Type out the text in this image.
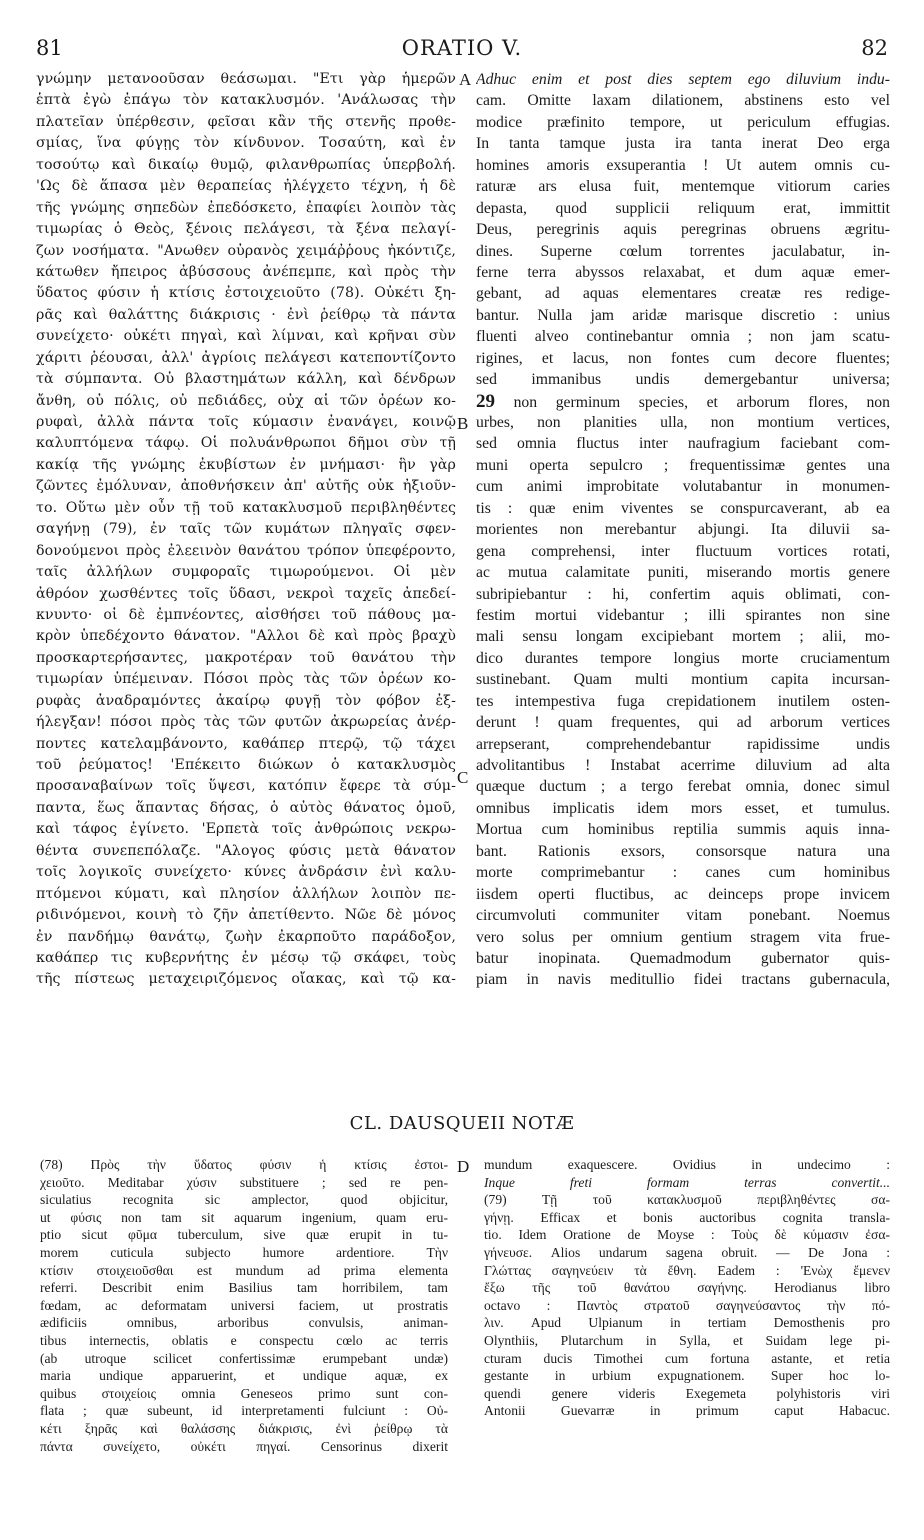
81	ORATIO V.	82
γνώμην μετανοοῦσαν θεάσωμαι. "Ετι γὰρ ἡμερῶν
ἑπτὰ ἐγὼ ἐπάγω τὸν κατακλυσμόν. 'Ανάλωσας τὴν
πλατεῖαν ὑπέρθεσιν, φεῖσαι κἂν τῆς στενῆς προθε-
σμίας, ἵνα φύγῃς τὸν κίνδυνον. Τοσαύτη, καὶ ἐν
τοσούτῳ καὶ δικαίῳ θυμῷ, φιλανθρωπίας ὑπερβολή.
'Ως δὲ ἅπασα μὲν θεραπείας ἠλέγχετο τέχνη, ἡ δὲ
τῆς γνώμης σηπεδὼν ἐπεδόσκετο, ἐπαφίει λοιπὸν τὰς
τιμωρίας ὁ Θεὸς, ξένοις πελάγεσι, τὰ ξένα πελαγί-
ζων νοσήματα. "Ανωθεν οὐρανὸς χειμάῤῥους ἠκόντιζε,
κάτωθεν ἤπειρος ἀβύσσους ἀνέπεμπε, καὶ πρὸς τὴν
ὕδατος φύσιν ἡ κτίσις ἐστοιχειοῦτο (78). Οὐκέτι ξη-
ρᾶς καὶ θαλάττης διάκρισις · ἐνὶ ῥείθρῳ τὰ πάντα
συνείχετο· οὐκέτι πηγαὶ, καὶ λίμναι, καὶ κρῆναι σὺν
χάριτι ῥέουσαι, ἀλλ' ἀγρίοις πελάγεσι κατεποντίζοντο
τὰ σύμπαντα. Οὐ βλαστημάτων κάλλη, καὶ δένδρων
ἄνθη, οὐ πόλις, οὐ πεδιάδες, οὐχ αἱ τῶν ὀρέων κο-
ρυφαὶ, ἀλλὰ πάντα τοῖς κύμασιν ἐνανάγει, κοινῷ
καλυπτόμενα τάφῳ. Οἱ πολυάνθρωποι δῆμοι σὺν τῇ
κακίᾳ τῆς γνώμης ἐκυβίστων ἐν μνήμασι· ἣν γὰρ
ζῶντες ἐμόλυναν, ἀποθνήσκειν ἀπ' αὐτῆς οὐκ ἠξιοῦν-
το. Οὕτω μὲν οὖν τῇ τοῦ κατακλυσμοῦ περιβληθέντες
σαγήνῃ (79), ἐν ταῖς τῶν κυμάτων πληγαῖς σφεν-
δονούμενοι πρὸς ἐλεεινὸν θανάτου τρόπον ὑπεφέροντο,
ταῖς ἀλλήλων συμφοραῖς τιμωρούμενοι. Οἱ μὲν
ἀθρόον χωσθέντες τοῖς ὕδασι, νεκροὶ ταχεῖς ἀπεδεί-
κνυντο· οἱ δὲ ἐμπνέοντες, αἰσθήσει τοῦ πάθους μα-
κρὸν ὑπεδέχοντο θάνατον. "Αλλοι δὲ καὶ πρὸς βραχὺ
προσκαρτερήσαντες, μακροτέραν τοῦ θανάτου τὴν
τιμωρίαν ὑπέμειναν. Πόσοι πρὸς τὰς τῶν ὀρέων κο-
ρυφὰς ἀναδραμόντες ἀκαίρῳ φυγῇ τὸν φόβον ἐξ-
ήλεγξαν! πόσοι πρὸς τὰς τῶν φυτῶν ἀκρωρείας ἀνέρ-
ποντες κατελαμβάνοντο, καθάπερ πτερῷ, τῷ τάχει
τοῦ ῥεύματος! 'Επέκειτο διώκων ὁ κατακλυσμὸς
προσαναβαίνων τοῖς ὕψεσι, κατόπιν ἔφερε τὰ σύμ-
παντα, ἕως ἅπαντας δήσας, ὁ αὐτὸς θάνατος ὁμοῦ,
καὶ τάφος ἐγίνετο. 'Ερπετὰ τοῖς ἀνθρώποις νεκρω-
θέντα συνεπεπόλαζε. "Αλογος φύσις μετὰ θάνατον
τοῖς λογικοῖς συνείχετο· κύνες ἀνδράσιν ἐνὶ καλυ-
πτόμενοι κύματι, καὶ πλησίον ἀλλήλων λοιπὸν πε-
ριδινόμενοι, κοινὴ τὸ ζῆν ἀπετίθεντο. Νῶε δὲ μόνος
ἐν πανδήμῳ θανάτῳ, ζωὴν ἐκαρποῦτο παράδοξον,
καθάπερ τις κυβερνήτης ἐν μέσῳ τῷ σκάφει, τοὺς
τῆς πίστεως μεταχειριζόμενος οἴακας, καὶ τῷ κα-
Adhuc enim et post dies septem ego diluvium indu-
cam. Omitte laxam dilationem, abstinens esto vel
modice præfinito tempore, ut periculum effugias.
In tanta tamque justa ira tanta inerat Deo erga
homines amoris exsuperantia ! Ut autem omnis cu-
raturæ ars elusa fuit, mentemque vitiorum caries
depasta, quod supplicii reliquum erat, immittit
Deus, peregrinis aquis peregrinas obruens ægritu-
dines. Superne cœlum torrentes jaculabatur, in-
ferne terra abyssos relaxabat, et dum aquæ emer-
gebant, ad aquas elementares creatæ res redige-
bantur. Nulla jam aridæ marisque discretio : unius
fluenti alveo continebantur omnia ; non jam scatu-
rigines, et lacus, non fontes cum decore fluentes;
sed immanibus undis demergebantur universa;
29 non germinum species, et arborum flores, non
urbes, non planities ulla, non montium vertices,
sed omnia fluctus inter naufragium faciebant com-
muni operta sepulcro ; frequentissimæ gentes una
cum animi improbitate volutabantur in monumen-
tis : quæ enim viventes se conspurcaverant, ab ea
morientes non merebantur abjungi. Ita diluvii sa-
gena comprehensi, inter fluctuum vortices rotati,
ac mutua calamitate puniti, miserando mortis genere
subripiebantur : hi, confertim aquis oblimati, con-
festim mortui videbantur ; illi spirantes non sine
mali sensu longam excipiebant mortem ; alii, mo-
dico durantes tempore longius morte cruciamentum
sustinebant. Quam multi montium capita incursan-
tes intempestiva fuga crepidationem inutilem osten-
derunt ! quam frequentes, qui ad arborum vertices
arrepserant, comprehendebantur rapidissime undis
advolitantibus ! Instabat acerrime diluvium ad alta
quæque ductum ; a tergo ferebat omnia, donec simul
omnibus implicatis idem mors esset, et tumulus.
Mortua cum hominibus reptilia summis aquis inna-
bant. Rationis exsors, consorsque natura una
morte comprimebantur : canes cum hominibus
iisdem operti fluctibus, ac deinceps prope invicem
circumvoluti communiter vitam ponebant. Noemus
vero solus per omnium gentium stragem vita frue-
batur inopinata. Quemadmodum gubernator quis-
piam in navis meditullio fidei tractans gubernacula,
A
B
C
D
CL. DAUSQUEII NOTÆ
(78) Πρὸς τὴν ὕδατος φύσιν ἡ κτίσις ἐστοι-
χειοῦτο. Meditabar χύσιν substituere ; sed re pen-
siculatius recognita sic amplector, quod objicitur,
ut φύσις non tam sit aquarum ingenium, quam eru-
ptio sicut φῦμα tuberculum, sive quæ erupit in tu-
morem cuticula subjecto humore ardentiore. Τὴν
κτίσιν στοιχειοῦσθαι est mundum ad prima elementa
referri. Describit enim Basilius tam horribilem, tam
fœdam, ac deformatam universi faciem, ut prostratis
ædificiis omnibus, arboribus convulsis, animan-
tibus internectis, oblatis e conspectu cœlo ac terris
(ab utroque scilicet confertissimæ erumpebant undæ)
maria undique apparuerint, et undique aquæ, ex
quibus στοιχείοις omnia Geneseos primo sunt con-
flata ; quæ subeunt, id interpretamenti fulciunt : Οὐ-
κέτι ξηρᾶς καὶ θαλάσσης διάκρισις, ἐνὶ ῥείθρῳ τὰ
πάντα συνείχετο, οὐκέτι πηγαί. Censorinus dixerit
mundum exaquescere. Ovidius in undecimo :
Inque freti formam terras convertit...
(79) Τῇ τοῦ κατακλυσμοῦ περιβληθέντες σα-
γήνῃ. Efficax et bonis auctoribus cognita transla-
tio. Idem Oratione de Moyse : Τοὺς δὲ κύμασιν ἐσα-
γήνευσε. Alios undarum sagena obruit. — De Jona :
Γλώττας σαγηνεύειν τὰ ἔθνη. Eadem : 'Ενὼχ ἔμενεν
ἔξω τῆς τοῦ θανάτου σαγήνης. Herodianus libro
octavo : Παντὸς στρατοῦ σαγηνεύσαντος τὴν πό-
λιν. Apud Ulpianum in tertiam Demosthenis pro
Olynthiis, Plutarchum in Sylla, et Suidam lege pi-
cturam ducis Timothei cum fortuna astante, et retia
gestante in urbium expugnationem. Super hoc lo-
quendi genere videris Exegemeta polyhistoris viri
Antonii Guevarræ in primum caput Habacuc.
